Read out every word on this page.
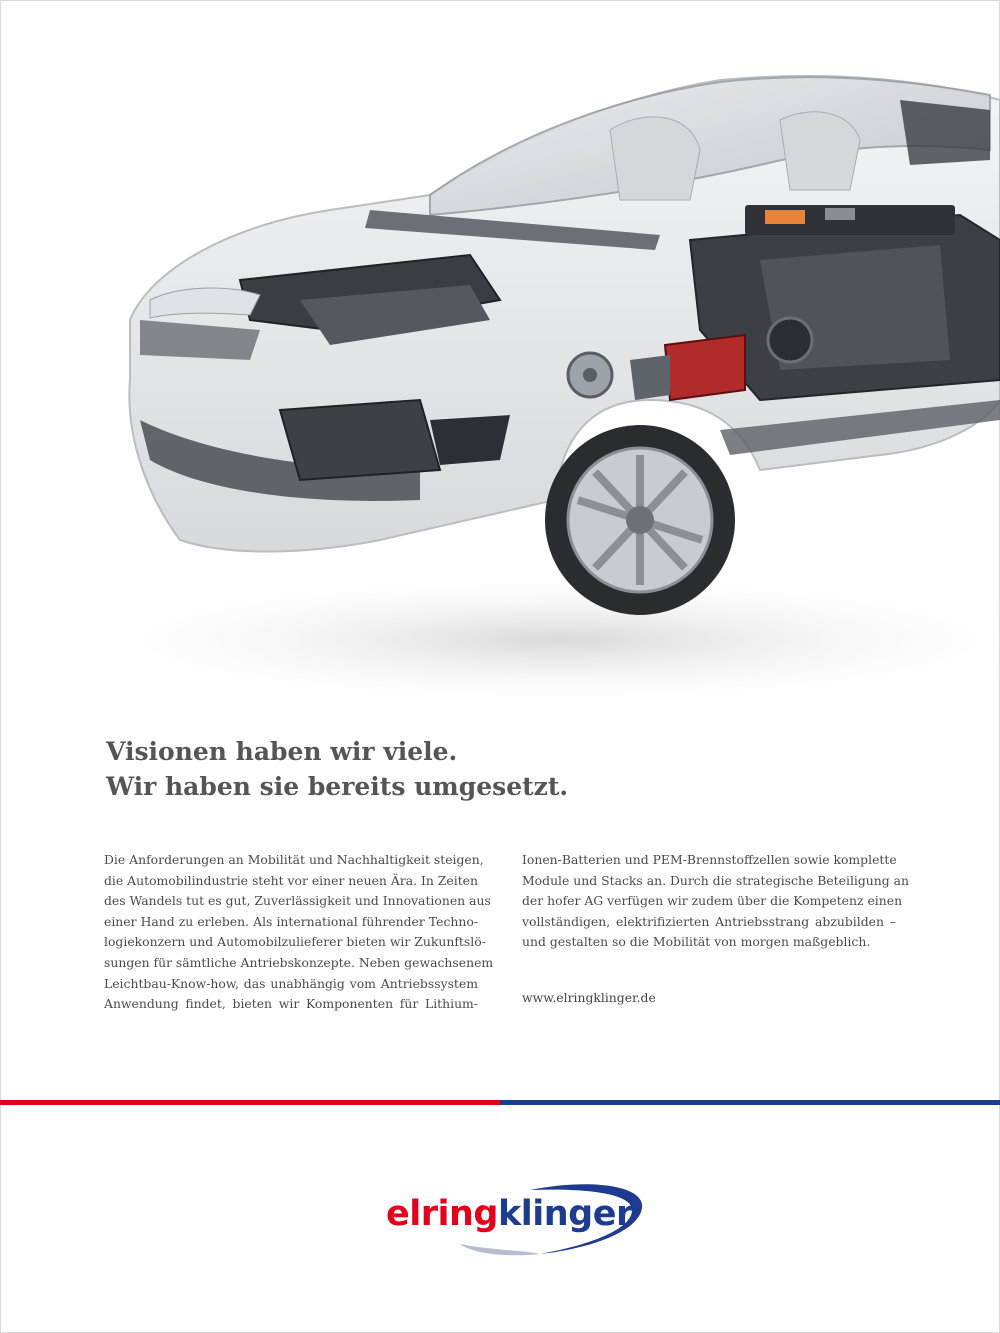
Visionen haben wir viele.
Wir haben sie bereits umgesetzt.
Die Anforderungen an Mobilität und Nachhaltigkeit steigen,
die Automobilindustrie steht vor einer neuen Ära. In Zeiten
des Wandels tut es gut, Zuverlässigkeit und Innovationen aus
einer Hand zu erleben. Als international führender Techno-
logiekonzern und Automobilzulieferer bieten wir Zukunftslö-
sungen für sämtliche Antriebskonzepte. Neben gewachsenem
Leichtbau-Know-how, das unabhängig vom Antriebssystem
Anwendung findet, bieten wir Komponenten für Lithium-
Ionen-Batterien und PEM-Brennstoffzellen sowie komplette
Module und Stacks an. Durch die strategische Beteiligung an
der hofer AG verfügen wir zudem über die Kompetenz einen
vollständigen, elektrifizierten Antriebsstrang abzubilden –
und gestalten so die Mobilität von morgen maßgeblich.
www.elringklinger.de
elringklinger
